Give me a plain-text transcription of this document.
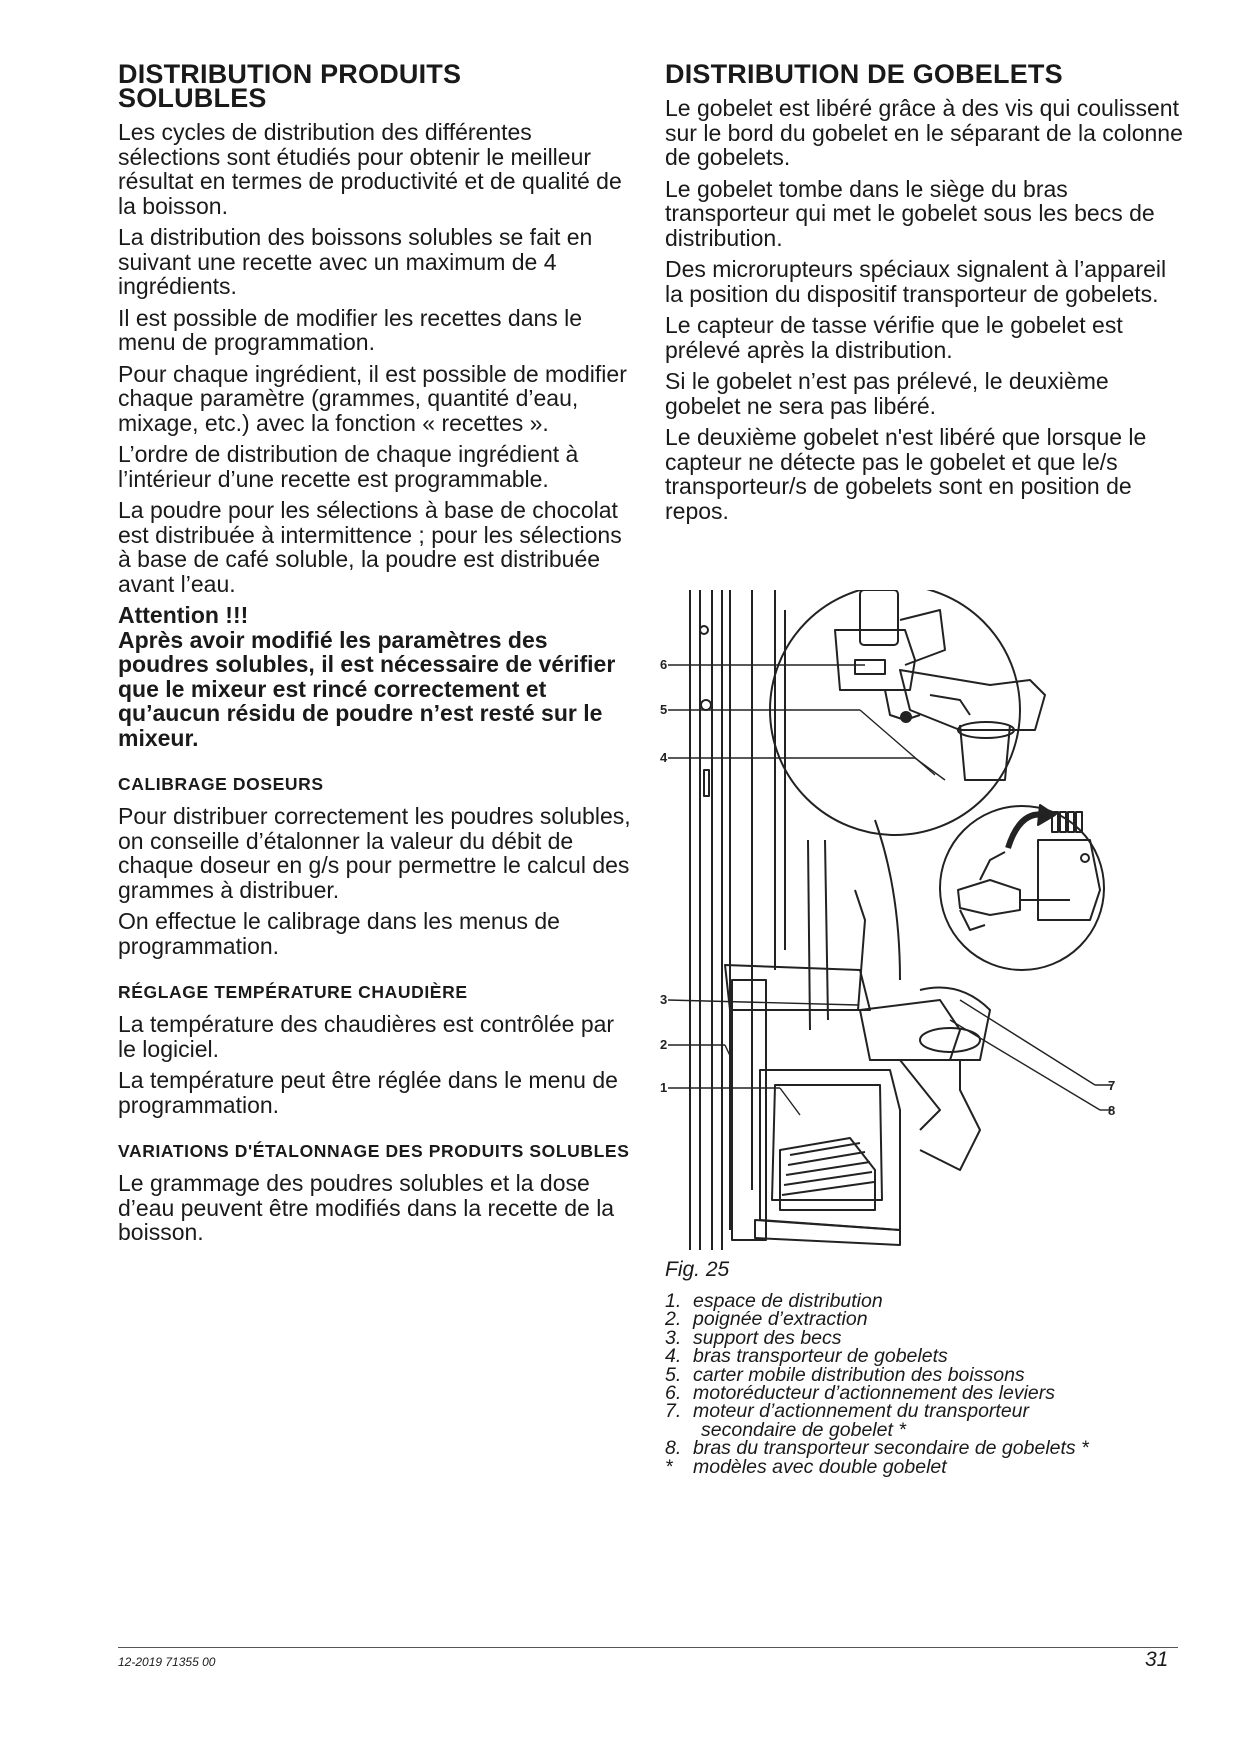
DISTRIBUTION PRODUITS
SOLUBLES

Les cycles de distribution des différentes sélections sont étudiés pour obtenir le meilleur résultat en termes de productivité et de qualité de la boisson.

La distribution des boissons solubles se fait en suivant une recette avec un maximum de 4 ingrédients.

Il est possible de modifier les recettes dans le menu de programmation.

Pour chaque ingrédient, il est possible de modifier chaque paramètre (grammes, quantité d’eau, mixage, etc.) avec la fonction « recettes ».

L’ordre de distribution de chaque ingrédient à l’intérieur d’une recette est programmable.

La poudre pour les sélections à base de chocolat est distribuée à intermittence ; pour les sélections à base de café soluble, la poudre est distribuée avant l’eau.

Attention !!!

Après avoir modifié les paramètres des poudres solubles, il est nécessaire de vérifier que le mixeur est rincé correctement et qu’aucun résidu de poudre n’est resté sur le mixeur.

CALIBRAGE DOSEURS

Pour distribuer correctement les poudres solubles, on conseille d’étalonner la valeur du débit de chaque doseur en g/s pour permettre le calcul des grammes à distribuer.

On effectue le calibrage dans les menus de programmation.

RÉGLAGE TEMPÉRATURE CHAUDIÈRE

La température des chaudières est contrôlée par le logiciel.

La température peut être réglée dans le menu de programmation.

VARIATIONS D'ÉTALONNAGE DES PRODUITS SOLUBLES

Le grammage des poudres solubles et la dose d’eau peuvent être modifiés dans la recette de la boisson.

DISTRIBUTION DE GOBELETS

Le gobelet est libéré grâce à des vis qui coulissent sur le bord du gobelet en le séparant de la colonne de gobelets.

Le gobelet tombe dans le siège du bras transporteur qui met le gobelet sous les becs de distribution.

Des microrupteurs spéciaux signalent à l’appareil la position du dispositif transporteur de gobelets.

Le capteur de tasse vérifie que le gobelet est prélevé après la distribution.

Si le gobelet n’est pas prélevé, le deuxième gobelet ne sera pas libéré.

Le deuxième gobelet n'est libéré que lorsque le capteur ne détecte pas le gobelet et que le/s transporteur/s de gobelets sont en position de repos.

6
5
4
3
2
1	7
8
Fig. 25
1. espace de distribution
2. poignée d’extraction
3. support des becs
4. bras transporteur de gobelets
5. carter mobile distribution des boissons
6. motoréducteur d’actionnement des leviers
7. moteur d’actionnement du transporteur
secondaire de gobelet *
8. bras du transporteur secondaire de gobelets *
*	modèles avec double gobelet
12-2019 71355 00	31
